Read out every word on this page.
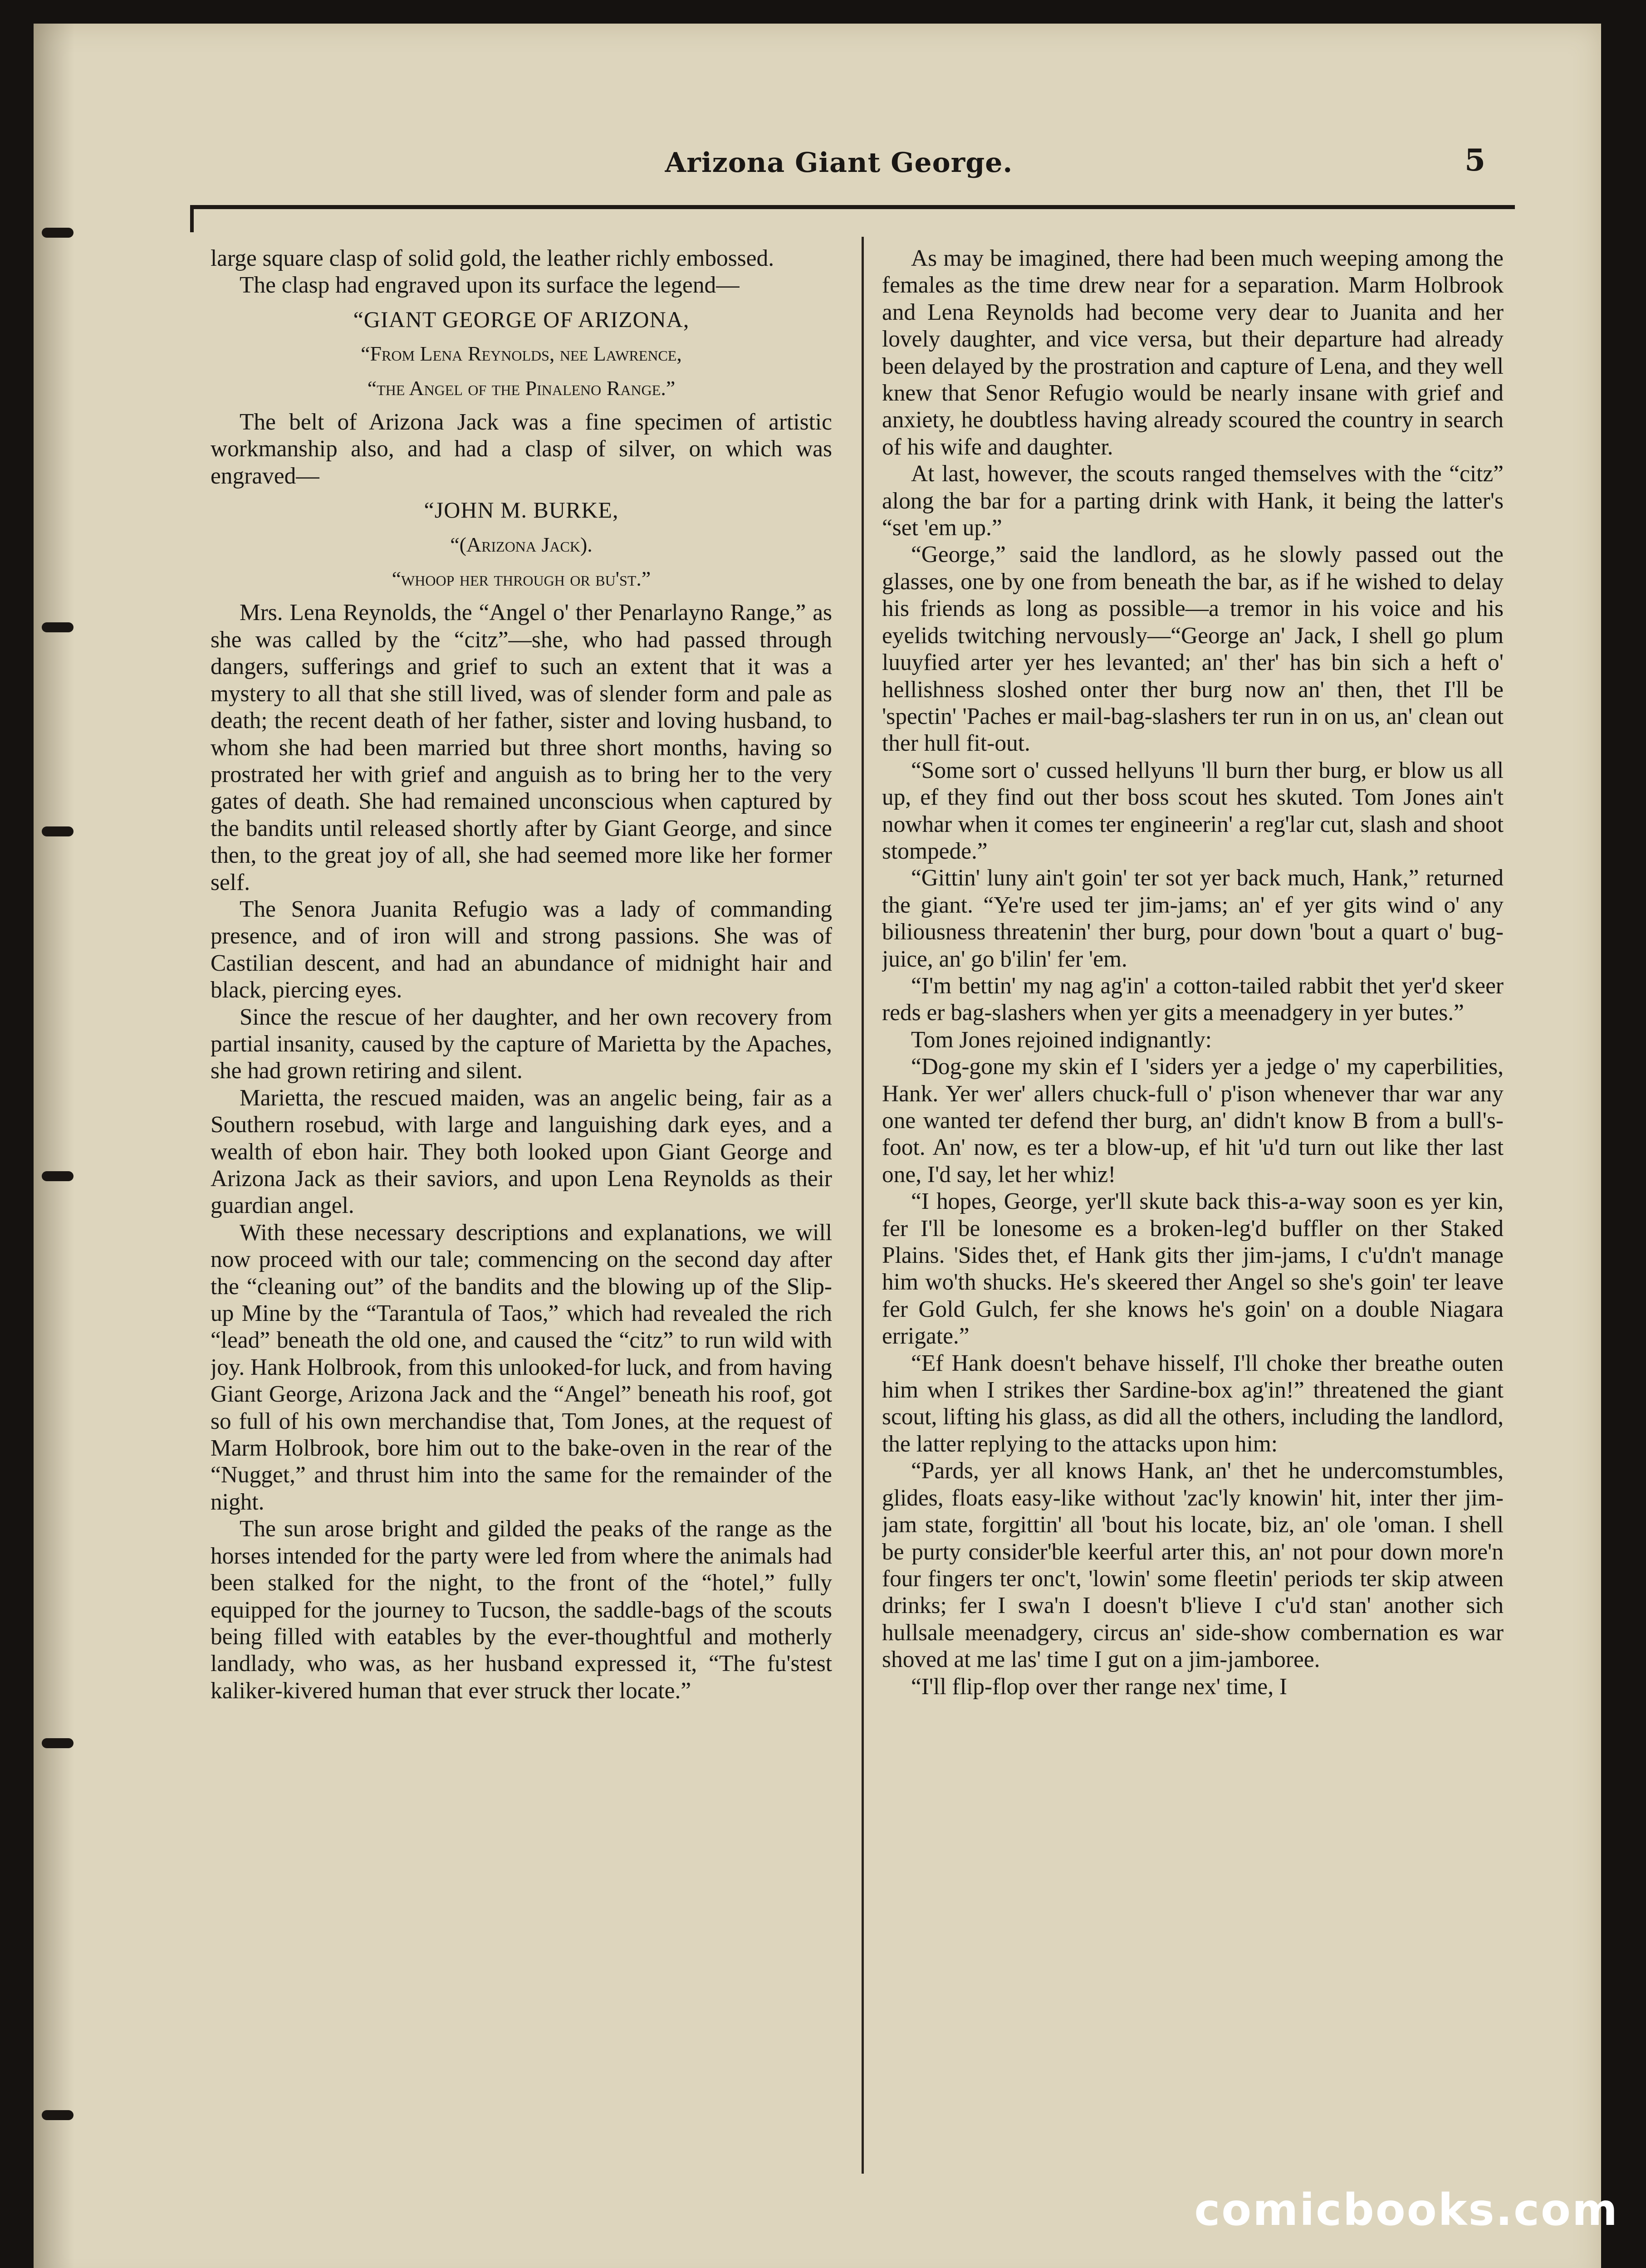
Arizona Giant George.	5

large square clasp of solid gold, the leather richly embossed.

The clasp had engraved upon its surface the legend—

“GIANT GEORGE OF ARIZONA,

“From Lena Reynolds, nee Lawrence,

“the Angel of the Pinaleno Range.”

The belt of Arizona Jack was a fine specimen of artistic workmanship also, and had a clasp of silver, on which was engraved—

“JOHN M. BURKE,

“(Arizona Jack).

“whoop her through or bu'st.”

Mrs. Lena Reynolds, the “Angel o' ther Penarlayno Range,” as she was called by the “citz”—she, who had passed through dangers, sufferings and grief to such an extent that it was a mystery to all that she still lived, was of slender form and pale as death; the recent death of her father, sister and loving husband, to whom she had been married but three short months, having so prostrated her with grief and anguish as to bring her to the very gates of death. She had remained unconscious when captured by the bandits until released shortly after by Giant George, and since then, to the great joy of all, she had seemed more like her former self.

The Senora Juanita Refugio was a lady of commanding presence, and of iron will and strong passions. She was of Castilian descent, and had an abundance of midnight hair and black, piercing eyes.

Since the rescue of her daughter, and her own recovery from partial insanity, caused by the capture of Marietta by the Apaches, she had grown retiring and silent.

Marietta, the rescued maiden, was an angelic being, fair as a Southern rosebud, with large and languishing dark eyes, and a wealth of ebon hair. They both looked upon Giant George and Arizona Jack as their saviors, and upon Lena Reynolds as their guardian angel.

With these necessary descriptions and explanations, we will now proceed with our tale; commencing on the second day after the “cleaning out” of the bandits and the blowing up of the Slip-up Mine by the “Tarantula of Taos,” which had revealed the rich “lead” beneath the old one, and caused the “citz” to run wild with joy. Hank Holbrook, from this unlooked-for luck, and from having Giant George, Arizona Jack and the “Angel” beneath his roof, got so full of his own merchandise that, Tom Jones, at the request of Marm Holbrook, bore him out to the bake-oven in the rear of the “Nugget,” and thrust him into the same for the remainder of the night.

The sun arose bright and gilded the peaks of the range as the horses intended for the party were led from where the animals had been stalked for the night, to the front of the “hotel,” fully equipped for the journey to Tucson, the saddle-bags of the scouts being filled with eatables by the ever-thoughtful and motherly landlady, who was, as her husband expressed it, “The fu'stest kaliker-kivered human that ever struck ther locate.”

As may be imagined, there had been much weeping among the females as the time drew near for a separation. Marm Holbrook and Lena Reynolds had become very dear to Juanita and her lovely daughter, and vice versa, but their departure had already been delayed by the prostration and capture of Lena, and they well knew that Senor Refugio would be nearly insane with grief and anxiety, he doubtless having already scoured the country in search of his wife and daughter.

At last, however, the scouts ranged themselves with the “citz” along the bar for a parting drink with Hank, it being the latter's “set 'em up.”

“George,” said the landlord, as he slowly passed out the glasses, one by one from beneath the bar, as if he wished to delay his friends as long as possible—a tremor in his voice and his eyelids twitching nervously—“George an' Jack, I shell go plum luuyfied arter yer hes levanted; an' ther' has bin sich a heft o' hellishness sloshed onter ther burg now an' then, thet I'll be 'spectin' 'Paches er mail-bag-slashers ter run in on us, an' clean out ther hull fit-out.

“Some sort o' cussed hellyuns 'll burn ther burg, er blow us all up, ef they find out ther boss scout hes skuted. Tom Jones ain't nowhar when it comes ter engineerin' a reg'lar cut, slash and shoot stompede.”

“Gittin' luny ain't goin' ter sot yer back much, Hank,” returned the giant. “Ye're used ter jim-jams; an' ef yer gits wind o' any biliousness threatenin' ther burg, pour down 'bout a quart o' bug-juice, an' go b'ilin' fer 'em.

“I'm bettin' my nag ag'in' a cotton-tailed rabbit thet yer'd skeer reds er bag-slashers when yer gits a meenadgery in yer butes.”

Tom Jones rejoined indignantly:

“Dog-gone my skin ef I 'siders yer a jedge o' my caperbilities, Hank. Yer wer' allers chuck-full o' p'ison whenever thar war any one wanted ter defend ther burg, an' didn't know B from a bull's-foot. An' now, es ter a blow-up, ef hit 'u'd turn out like ther last one, I'd say, let her whiz!

“I hopes, George, yer'll skute back this-a-way soon es yer kin, fer I'll be lonesome es a broken-leg'd buffler on ther Staked Plains. 'Sides thet, ef Hank gits ther jim-jams, I c'u'dn't manage him wo'th shucks. He's skeered ther Angel so she's goin' ter leave fer Gold Gulch, fer she knows he's goin' on a double Niagara errigate.”

“Ef Hank doesn't behave hisself, I'll choke ther breathe outen him when I strikes ther Sardine-box ag'in!” threatened the giant scout, lifting his glass, as did all the others, including the landlord, the latter replying to the attacks upon him:

“Pards, yer all knows Hank, an' thet he undercomstumbles, glides, floats easy-like without 'zac'ly knowin' hit, inter ther jim-jam state, forgittin' all 'bout his locate, biz, an' ole 'oman. I shell be purty consider'ble keerful arter this, an' not pour down more'n four fingers ter onc't, 'lowin' some fleetin' periods ter skip atween drinks; fer I swa'n I doesn't b'lieve I c'u'd stan' another sich hullsale meenadgery, circus an' side-show combernation es war shoved at me las' time I gut on a jim-jamboree.

“I'll flip-flop over ther range nex' time, I

comicbooks.com
